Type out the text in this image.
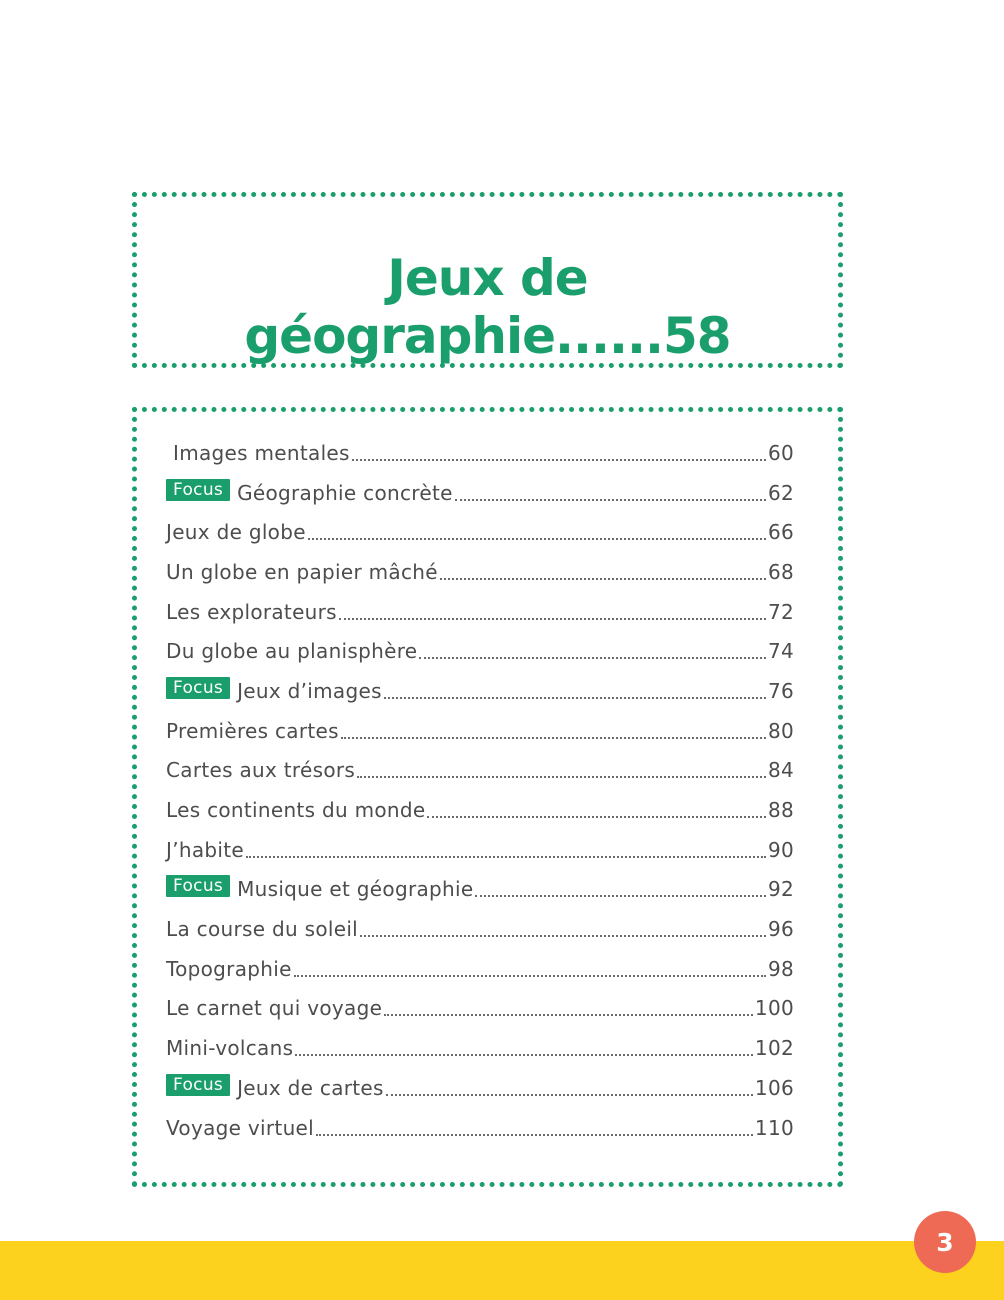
Jeux de géographie......58
Images mentales	60
Focus Géographie concrète	62
Jeux de globe	66
Un globe en papier mâché	68
Les explorateurs	72
Du globe au planisphère	74
Focus Jeux d’images	76
Premières cartes	80
Cartes aux trésors	84
Les continents du monde	88
J’habite	90
Focus Musique et géographie	92
La course du soleil	96
Topographie	98
Le carnet qui voyage	100
Mini-volcans	102
Focus Jeux de cartes	106
Voyage virtuel	110
3
